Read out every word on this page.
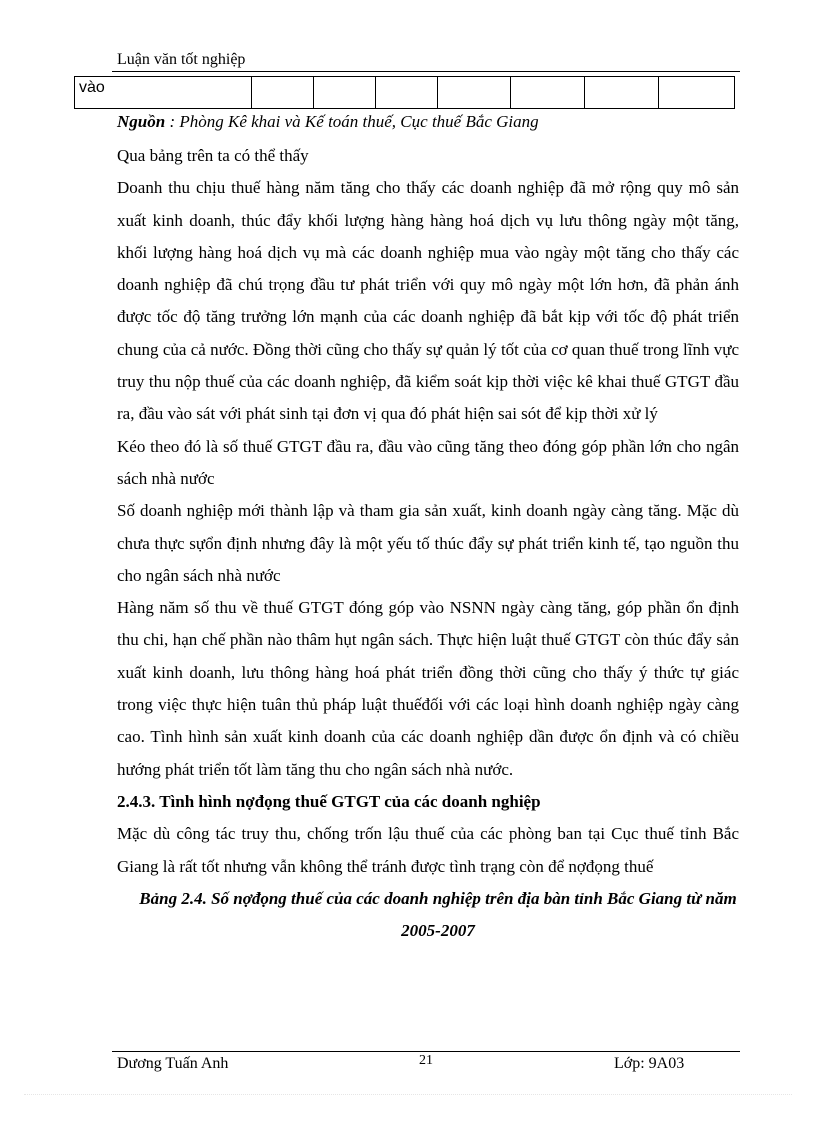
Luận văn tốt nghiệp
vào							
Nguồn : Phòng Kê khai và Kế toán thuế, Cục thuế Bắc Giang

Qua bảng trên ta có thể thấy

Doanh thu chịu thuế hàng năm tăng cho thấy các doanh nghiệp đã mở rộng quy mô sản xuất kinh doanh, thúc đẩy khối lượng hàng hàng hoá dịch vụ lưu thông ngày một tăng, khối lượng hàng hoá dịch vụ mà các doanh nghiệp mua vào ngày một tăng cho thấy các doanh nghiệp đã chú trọng đầu tư phát triển với quy mô ngày một lớn hơn, đã phản ánh được tốc độ tăng trưởng lớn mạnh của các doanh nghiệp đã bắt kịp với tốc độ phát triển chung của cả nước. Đồng thời cũng cho thấy sự quản lý tốt của cơ quan thuế trong lĩnh vực truy thu nộp thuế của các doanh nghiệp, đã kiểm soát kịp thời việc kê khai thuế GTGT đầu ra, đầu vào sát với phát sinh tại đơn vị qua đó phát hiện sai sót để kịp thời xử lý

Kéo theo đó là số thuế GTGT đầu ra, đầu vào cũng tăng theo đóng góp phần lớn cho ngân sách nhà nước

Số doanh nghiệp mới thành lập và tham gia sản xuất, kinh doanh ngày càng tăng. Mặc dù chưa thực sựổn định nhưng đây là một yếu tố thúc đẩy sự phát triển kinh tế, tạo nguồn thu cho ngân sách nhà nước

Hàng năm số thu về thuế GTGT đóng góp vào NSNN ngày càng tăng, góp phần ổn định thu chi, hạn chế phần nào thâm hụt ngân sách. Thực hiện luật thuế GTGT còn thúc đẩy sản xuất kinh doanh, lưu thông hàng hoá phát triển đồng thời cũng cho thấy ý thức tự giác trong việc thực hiện tuân thủ pháp luật thuếđối với các loại hình doanh nghiệp ngày càng cao. Tình hình sản xuất kinh doanh của các doanh nghiệp dần được ổn định và có chiều hướng phát triển tốt làm tăng thu cho ngân sách nhà nước.

2.4.3. Tình hình nợđọng thuế GTGT của các doanh nghiệp

Mặc dù công tác truy thu, chống trốn lậu thuế của các phòng ban tại Cục thuế tỉnh Bắc Giang là rất tốt nhưng vẫn không thể tránh được tình trạng còn để nợđọng thuế

Bảng 2.4. Số nợđọng thuế của các doanh nghiệp trên địa bàn tỉnh Bắc Giang từ năm 2005-2007

Dương Tuấn Anh	21	Lớp: 9A03
